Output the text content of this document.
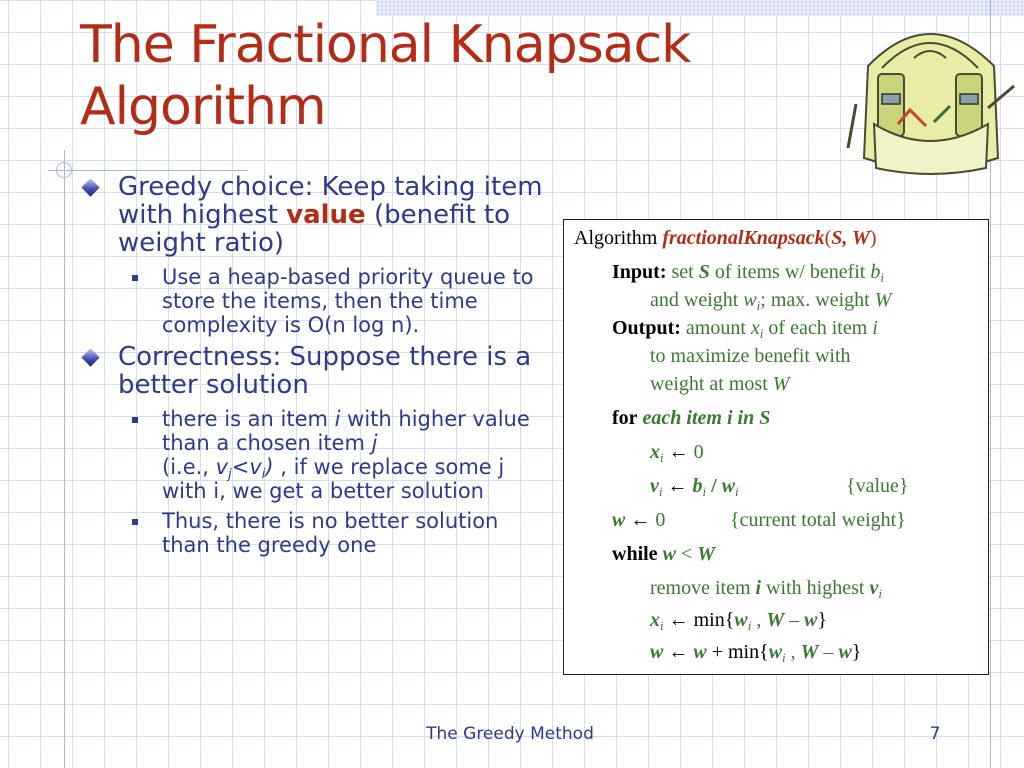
The Fractional Knapsack
Algorithm
Greedy choice: Keep taking item with highest value (benefit to weight ratio)
Use a heap-based priority queue to store the items, then the time complexity is O(n log n).
Correctness: Suppose there is a better solution
there is an item i with higher value than a chosen item j
(i.e., $v_j<v_i$) , if we replace some j with i, we get a better solution
Thus, there is no better solution than the greedy one
Algorithm fractionalKnapsack(S, W)
Input: set S of items w/ benefit $b_i$
and weight $w_i$; max. weight W
Output: amount $x_i$ of each item i
to maximize benefit with
weight at most W
for each item i in S
$x_i$ ← 0
$v_i$ ← $b_i / w_i$	{value}
w ← 0	{current total weight}
while w < W
remove item i with highest $v_i$
$x_i$ ← $\min\{w_i$ , W – w}
w ← $w + \min\{w_i$ , W – w}
The Greedy Method	7
